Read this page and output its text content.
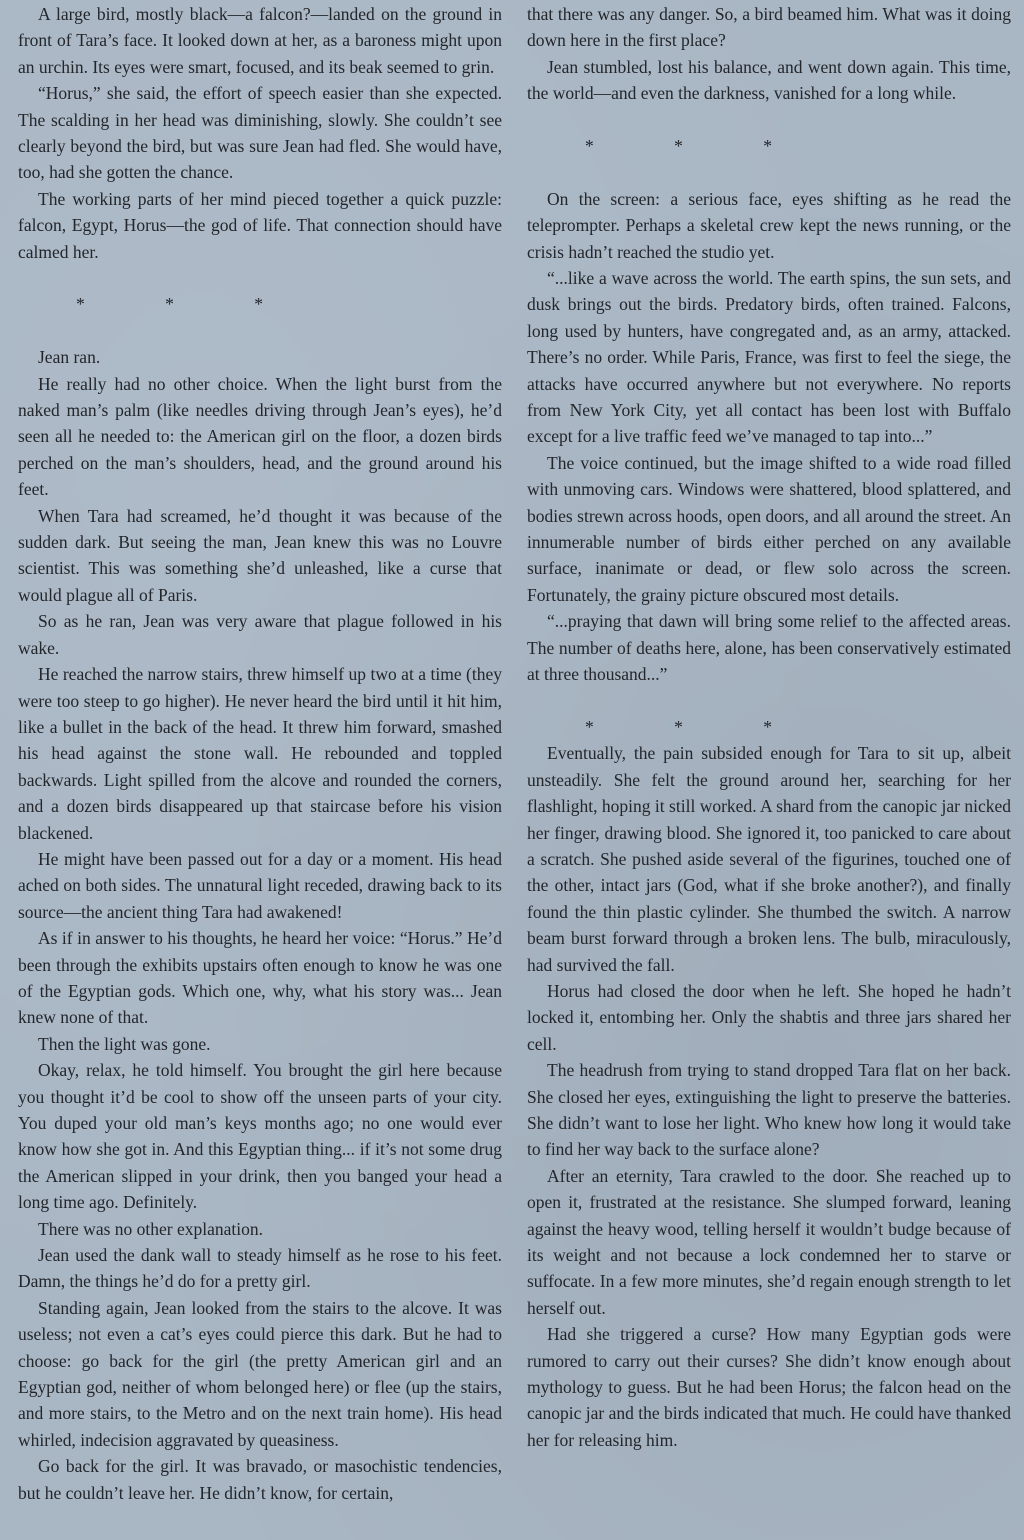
A large bird, mostly black—a falcon?—landed on the ground in front of Tara’s face. It looked down at her, as a baroness might upon an urchin. Its eyes were smart, focused, and its beak seemed to grin.

“Horus,” she said, the effort of speech easier than she expected. The scalding in her head was diminishing, slowly. She couldn’t see clearly beyond the bird, but was sure Jean had fled. She would have, too, had she gotten the chance.

The working parts of her mind pieced together a quick puzzle: falcon, Egypt, Horus—the god of life. That connection should have calmed her.

* * *

Jean ran.

He really had no other choice. When the light burst from the naked man’s palm (like needles driving through Jean’s eyes), he’d seen all he needed to: the American girl on the floor, a dozen birds perched on the man’s shoulders, head, and the ground around his feet.

When Tara had screamed, he’d thought it was because of the sudden dark. But seeing the man, Jean knew this was no Louvre scientist. This was something she’d unleashed, like a curse that would plague all of Paris.

So as he ran, Jean was very aware that plague followed in his wake.

He reached the narrow stairs, threw himself up two at a time (they were too steep to go higher). He never heard the bird until it hit him, like a bullet in the back of the head. It threw him forward, smashed his head against the stone wall. He rebounded and toppled backwards. Light spilled from the alcove and rounded the corners, and a dozen birds disappeared up that staircase before his vision blackened.

He might have been passed out for a day or a moment. His head ached on both sides. The unnatural light receded, drawing back to its source—the ancient thing Tara had awakened!

As if in answer to his thoughts, he heard her voice: “Horus.” He’d been through the exhibits upstairs often enough to know he was one of the Egyptian gods. Which one, why, what his story was... Jean knew none of that.

Then the light was gone.

Okay, relax, he told himself. You brought the girl here because you thought it’d be cool to show off the unseen parts of your city. You duped your old man’s keys months ago; no one would ever know how she got in. And this Egyptian thing... if it’s not some drug the American slipped in your drink, then you banged your head a long time ago. Definitely.

There was no other explanation.

Jean used the dank wall to steady himself as he rose to his feet. Damn, the things he’d do for a pretty girl.

Standing again, Jean looked from the stairs to the alcove. It was useless; not even a cat’s eyes could pierce this dark. But he had to choose: go back for the girl (the pretty American girl and an Egyptian god, neither of whom belonged here) or flee (up the stairs, and more stairs, to the Metro and on the next train home). His head whirled, indecision aggravated by queasiness.

Go back for the girl. It was bravado, or masochistic tendencies, but he couldn’t leave her. He didn’t know, for certain,

that there was any danger. So, a bird beamed him. What was it doing down here in the first place?

Jean stumbled, lost his balance, and went down again. This time, the world—and even the darkness, vanished for a long while.

* * *

On the screen: a serious face, eyes shifting as he read the teleprompter. Perhaps a skeletal crew kept the news running, or the crisis hadn’t reached the studio yet.

“...like a wave across the world. The earth spins, the sun sets, and dusk brings out the birds. Predatory birds, often trained. Falcons, long used by hunters, have congregated and, as an army, attacked. There’s no order. While Paris, France, was first to feel the siege, the attacks have occurred anywhere but not everywhere. No reports from New York City, yet all contact has been lost with Buffalo except for a live traffic feed we’ve managed to tap into...”

The voice continued, but the image shifted to a wide road filled with unmoving cars. Windows were shattered, blood splattered, and bodies strewn across hoods, open doors, and all around the street. An innumerable number of birds either perched on any available surface, inanimate or dead, or flew solo across the screen. Fortunately, the grainy picture obscured most details.

“...praying that dawn will bring some relief to the affected areas. The number of deaths here, alone, has been conservatively estimated at three thousand...”

* * *

Eventually, the pain subsided enough for Tara to sit up, albeit unsteadily. She felt the ground around her, searching for her flashlight, hoping it still worked. A shard from the canopic jar nicked her finger, drawing blood. She ignored it, too panicked to care about a scratch. She pushed aside several of the figurines, touched one of the other, intact jars (God, what if she broke another?), and finally found the thin plastic cylinder. She thumbed the switch. A narrow beam burst forward through a broken lens. The bulb, miraculously, had survived the fall.

Horus had closed the door when he left. She hoped he hadn’t locked it, entombing her. Only the shabtis and three jars shared her cell.

The headrush from trying to stand dropped Tara flat on her back. She closed her eyes, extinguishing the light to preserve the batteries. She didn’t want to lose her light. Who knew how long it would take to find her way back to the surface alone?

After an eternity, Tara crawled to the door. She reached up to open it, frustrated at the resistance. She slumped forward, leaning against the heavy wood, telling herself it wouldn’t budge because of its weight and not because a lock condemned her to starve or suffocate. In a few more minutes, she’d regain enough strength to let herself out.

Had she triggered a curse? How many Egyptian gods were rumored to carry out their curses? She didn’t know enough about mythology to guess. But he had been Horus; the falcon head on the canopic jar and the birds indicated that much. He could have thanked her for releasing him.
